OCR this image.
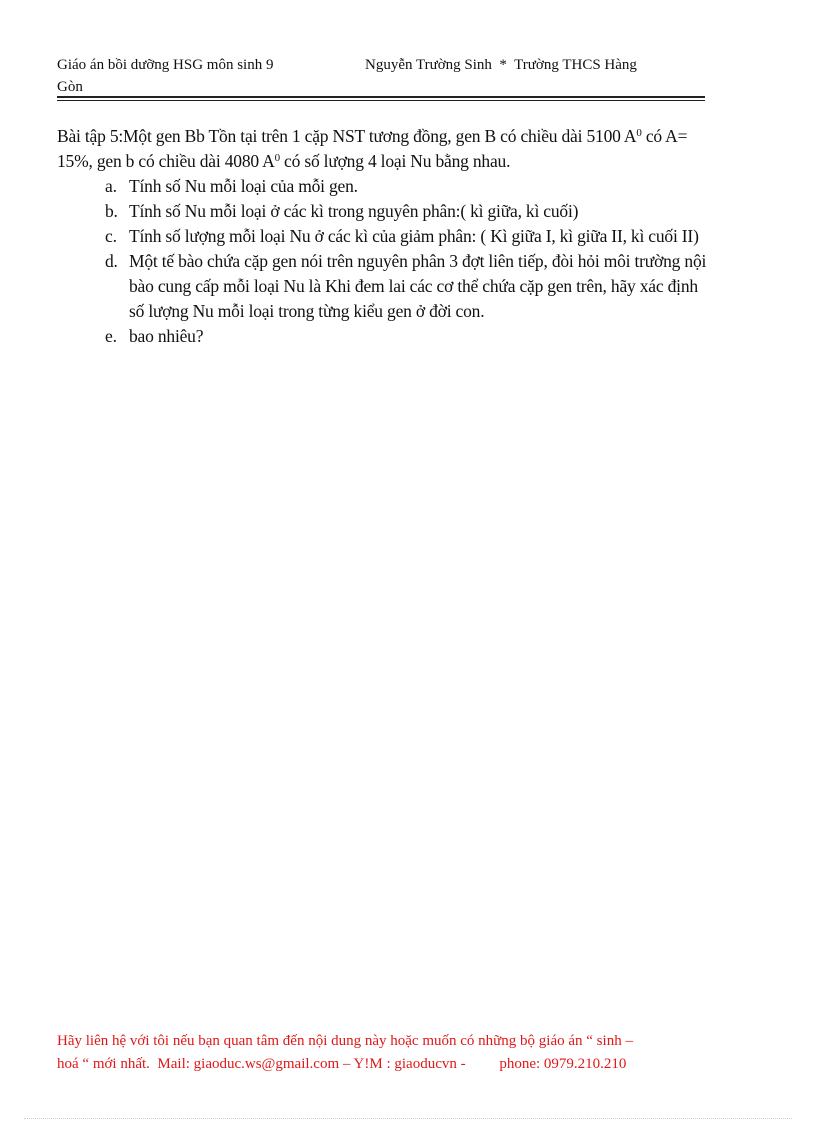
Giáo án bồi dưỡng HSG môn sinh 9	Nguyễn Trường Sinh  *  Trường THCS Hàng
Gòn

Bài tập 5:Một gen Bb Tồn tại trên 1 cặp NST tương đồng, gen B có chiều dài 5100 $A^0$ có A= 15%, gen b có chiều dài 4080 $A^0$ có số lượng 4 loại Nu bằng nhau.

a. Tính số Nu mỗi loại của mỗi gen.
b. Tính số Nu mỗi loại ở các kì trong nguyên phân:( kì giữa, kì cuối)
c. Tính số lượng mỗi loại Nu ở các kì của giảm phân: ( Kì giữa I, kì giữa II, kì cuối II)
d. Một tế bào chứa cặp gen nói trên nguyên phân 3 đợt liên tiếp, đòi hỏi môi trường nội bào cung cấp mỗi loại Nu là Khi đem lai các cơ thể chứa cặp gen trên, hãy xác định số lượng Nu mỗi loại trong từng kiểu gen ở đời con.
e. bao nhiêu?
Hãy liên hệ với tôi nếu bạn quan tâm đến nội dung này hoặc muốn có những bộ giáo án “ sinh –
hoá “ mới nhất.  Mail: giaoduc.ws@gmail.com – Y!M : giaoducvn -         phone: 0979.210.210
